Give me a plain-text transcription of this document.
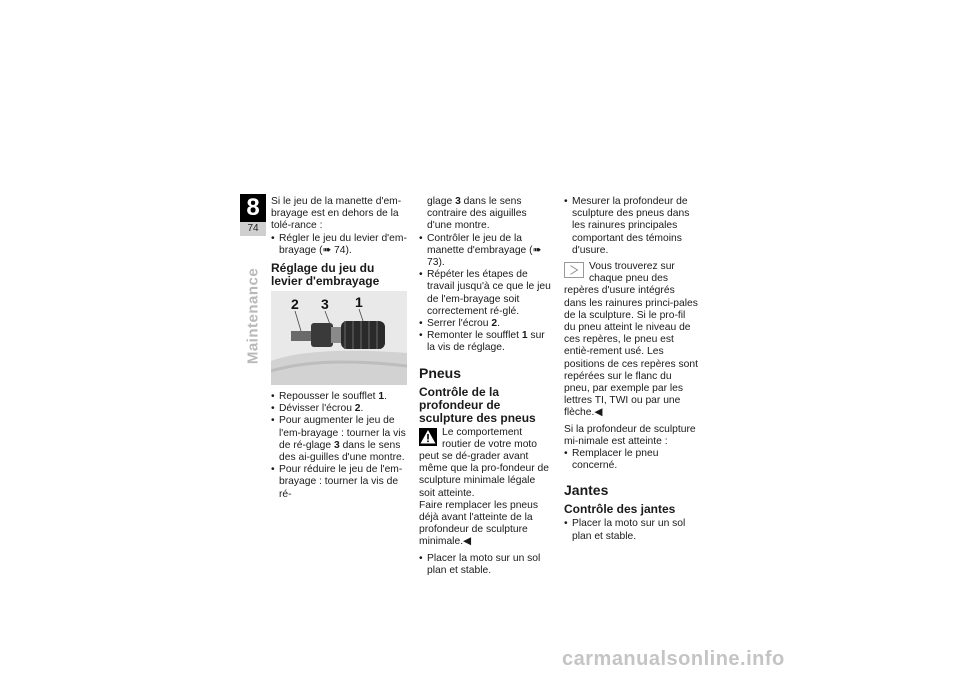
8
74
Maintenance

Si le jeu de la manette d'em-brayage est en dehors de la tolé-rance :

• Régler le jeu du levier d'em-brayage (➠ 74).
Réglage du jeu du levier d'embrayage
2 3 1
• Repousser le soufflet 1.
• Dévisser l'écrou 2.
• Pour augmenter le jeu de l'em-brayage : tourner la vis de ré-glage 3 dans le sens des ai-guilles d'une montre.
• Pour réduire le jeu de l'em-brayage : tourner la vis de ré-
glage 3 dans le sens contraire des aiguilles d'une montre.
• Contrôler le jeu de la manette d'embrayage (➠ 73).
• Répéter les étapes de travail jusqu'à ce que le jeu de l'em-brayage soit correctement ré-glé.
• Serrer l'écrou 2.
• Remonter le soufflet 1 sur la vis de réglage.
Pneus
Contrôle de la profondeur de sculpture des pneus

Le comportement routier de votre moto peut se dé-grader avant même que la pro-fondeur de sculpture minimale légale soit atteinte.

Faire remplacer les pneus déjà avant l'atteinte de la profondeur de sculpture minimale.◀

• Placer la moto sur un sol plan et stable.
• Mesurer la profondeur de sculpture des pneus dans les rainures principales comportant des témoins d'usure.

Vous trouverez sur chaque pneu des repères d'usure intégrés dans les rainures princi-pales de la sculpture. Si le pro-fil du pneu atteint le niveau de ces repères, le pneu est entiè-rement usé. Les positions de ces repères sont repérées sur le flanc du pneu, par exemple par les lettres TI, TWI ou par une flèche.◀

Si la profondeur de sculpture mi-nimale est atteinte :

• Remplacer le pneu concerné.
Jantes
Contrôle des jantes
• Placer la moto sur un sol plan et stable.
carmanualsonline.info
